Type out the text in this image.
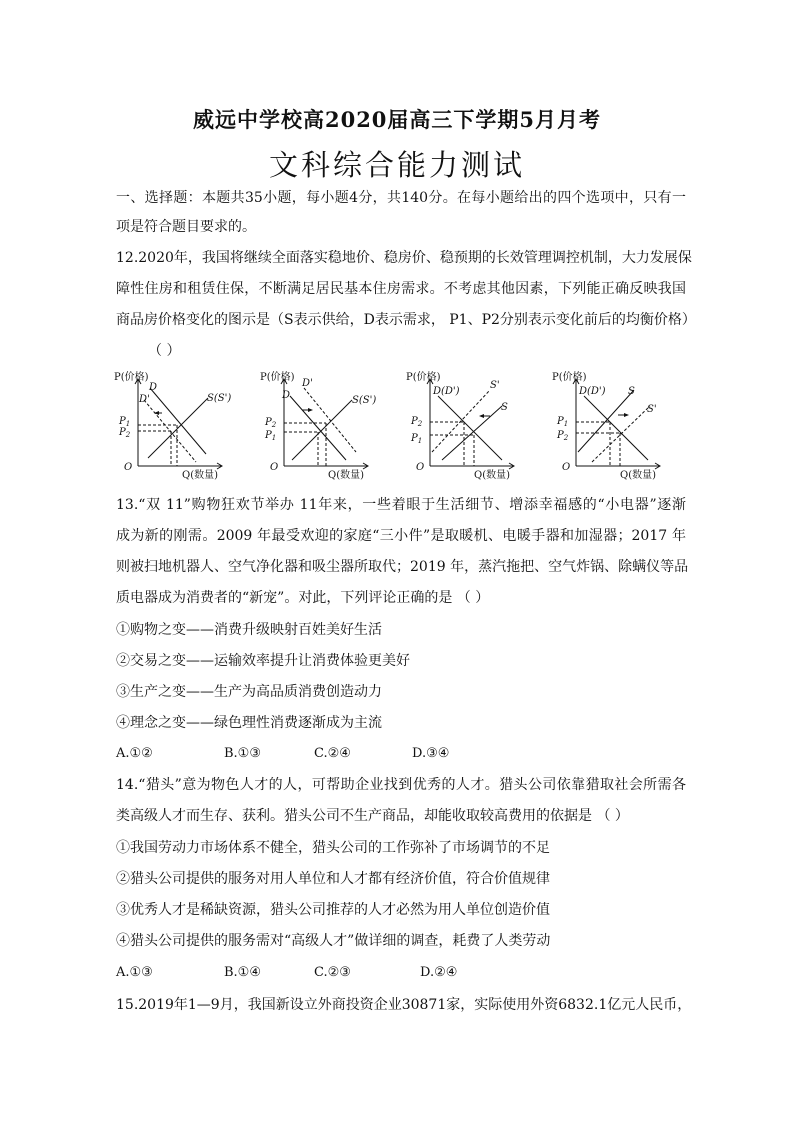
威远中学校高2020届高三下学期5月月考
文科综合能力测试
一、选择题：本题共35小题，每小题4分，共140分。在每小题给出的四个选项中，只有一
项是符合题目要求的。
12.2020年，我国将继续全面落实稳地价、稳房价、稳预期的长效管理调控机制，大力发展保
障性住房和租赁住保，不断满足居民基本住房需求。不考虑其他因素，下列能正确反映我国
商品房价格变化的图示是（S表示供给，D表示需求， P1、P2分别表示变化前后的均衡价格）
（ ）
P(价格)
Q(数量)
O
D
D'	S(S')
$P_1$
$P_2$
P(价格)
Q(数量)
O
D
D'
S(S')
$P_2$
$P_1$
P(价格)
Q(数量)
O
D(D')
S
S'
$P_2$
$P_1$
P(价格)
Q(数量)
O
D(D') S
S'
$P_1$
$P_2$
13.“双 11”购物狂欢节举办 11年来，一些着眼于生活细节、增添幸福感的“小电器”逐渐
成为新的刚需。2009 年最受欢迎的家庭“三小件”是取暖机、电暖手器和加湿器；2017 年
则被扫地机器人、空气净化器和吸尘器所取代；2019 年，蒸汽拖把、空气炸锅、除螨仪等品
质电器成为消费者的“新宠”。对此，下列评论正确的是 （ ）
①购物之变——消费升级映射百姓美好生活
②交易之变——运输效率提升让消费体验更美好
③生产之变——生产为高品质消费创造动力
④理念之变——绿色理性消费逐渐成为主流
A.①②	B.①③	C.②④	D.③④
14.“猎头”意为物色人才的人，可帮助企业找到优秀的人才。猎头公司依靠猎取社会所需各
类高级人才而生存、获利。猎头公司不生产商品，却能收取较高费用的依据是 （ ）
①我国劳动力市场体系不健全，猎头公司的工作弥补了市场调节的不足
②猎头公司提供的服务对用人单位和人才都有经济价值，符合价值规律
③优秀人才是稀缺资源，猎头公司推荐的人才必然为用人单位创造价值
④猎头公司提供的服务需对“高级人才”做详细的调查，耗费了人类劳动
A.①③	B.①④	C.②③	D.②④
15.2019年1—9月，我国新设立外商投资企业30871家，实际使用外资6832.1亿元人民币，
